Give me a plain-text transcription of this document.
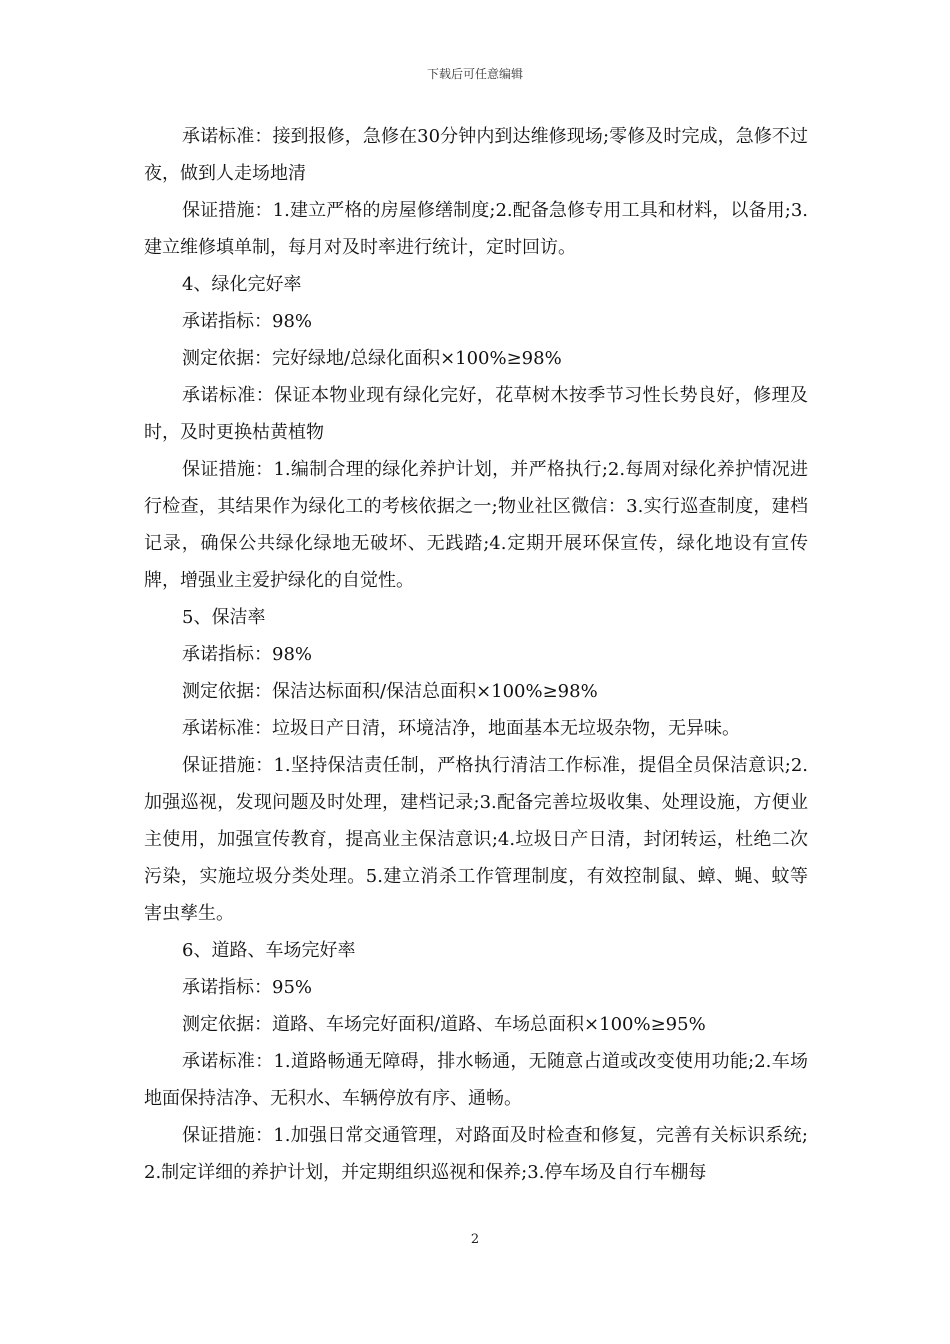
下载后可任意编辑

承诺标准：接到报修，急修在30分钟内到达维修现场;零修及时完成，急修不过夜，做到人走场地清

保证措施：1.建立严格的房屋修缮制度;2.配备急修专用工具和材料，以备用;3.建立维修填单制，每月对及时率进行统计，定时回访。

4、绿化完好率

承诺指标：98%

测定依据：完好绿地/总绿化面积×100%≥98%

承诺标准：保证本物业现有绿化完好，花草树木按季节习性长势良好，修理及时，及时更换枯黄植物

保证措施：1.编制合理的绿化养护计划，并严格执行;2.每周对绿化养护情况进行检查，其结果作为绿化工的考核依据之一;物业社区微信：3.实行巡查制度，建档记录，确保公共绿化绿地无破坏、无践踏;4.定期开展环保宣传，绿化地设有宣传牌，增强业主爱护绿化的自觉性。

5、保洁率

承诺指标：98%

测定依据：保洁达标面积/保洁总面积×100%≥98%

承诺标准：垃圾日产日清，环境洁净，地面基本无垃圾杂物，无异味。

保证措施：1.坚持保洁责任制，严格执行清洁工作标准，提倡全员保洁意识;2.加强巡视，发现问题及时处理，建档记录;3.配备完善垃圾收集、处理设施，方便业主使用，加强宣传教育，提高业主保洁意识;4.垃圾日产日清，封闭转运，杜绝二次污染，实施垃圾分类处理。5.建立消杀工作管理制度，有效控制鼠、蟑、蝇、蚊等害虫孳生。

6、道路、车场完好率

承诺指标：95%

测定依据：道路、车场完好面积/道路、车场总面积×100%≥95%

承诺标准：1.道路畅通无障碍，排水畅通，无随意占道或改变使用功能;2.车场地面保持洁净、无积水、车辆停放有序、通畅。

保证措施：1.加强日常交通管理，对路面及时检查和修复，完善有关标识系统;2.制定详细的养护计划，并定期组织巡视和保养;3.停车场及自行车棚每

2
